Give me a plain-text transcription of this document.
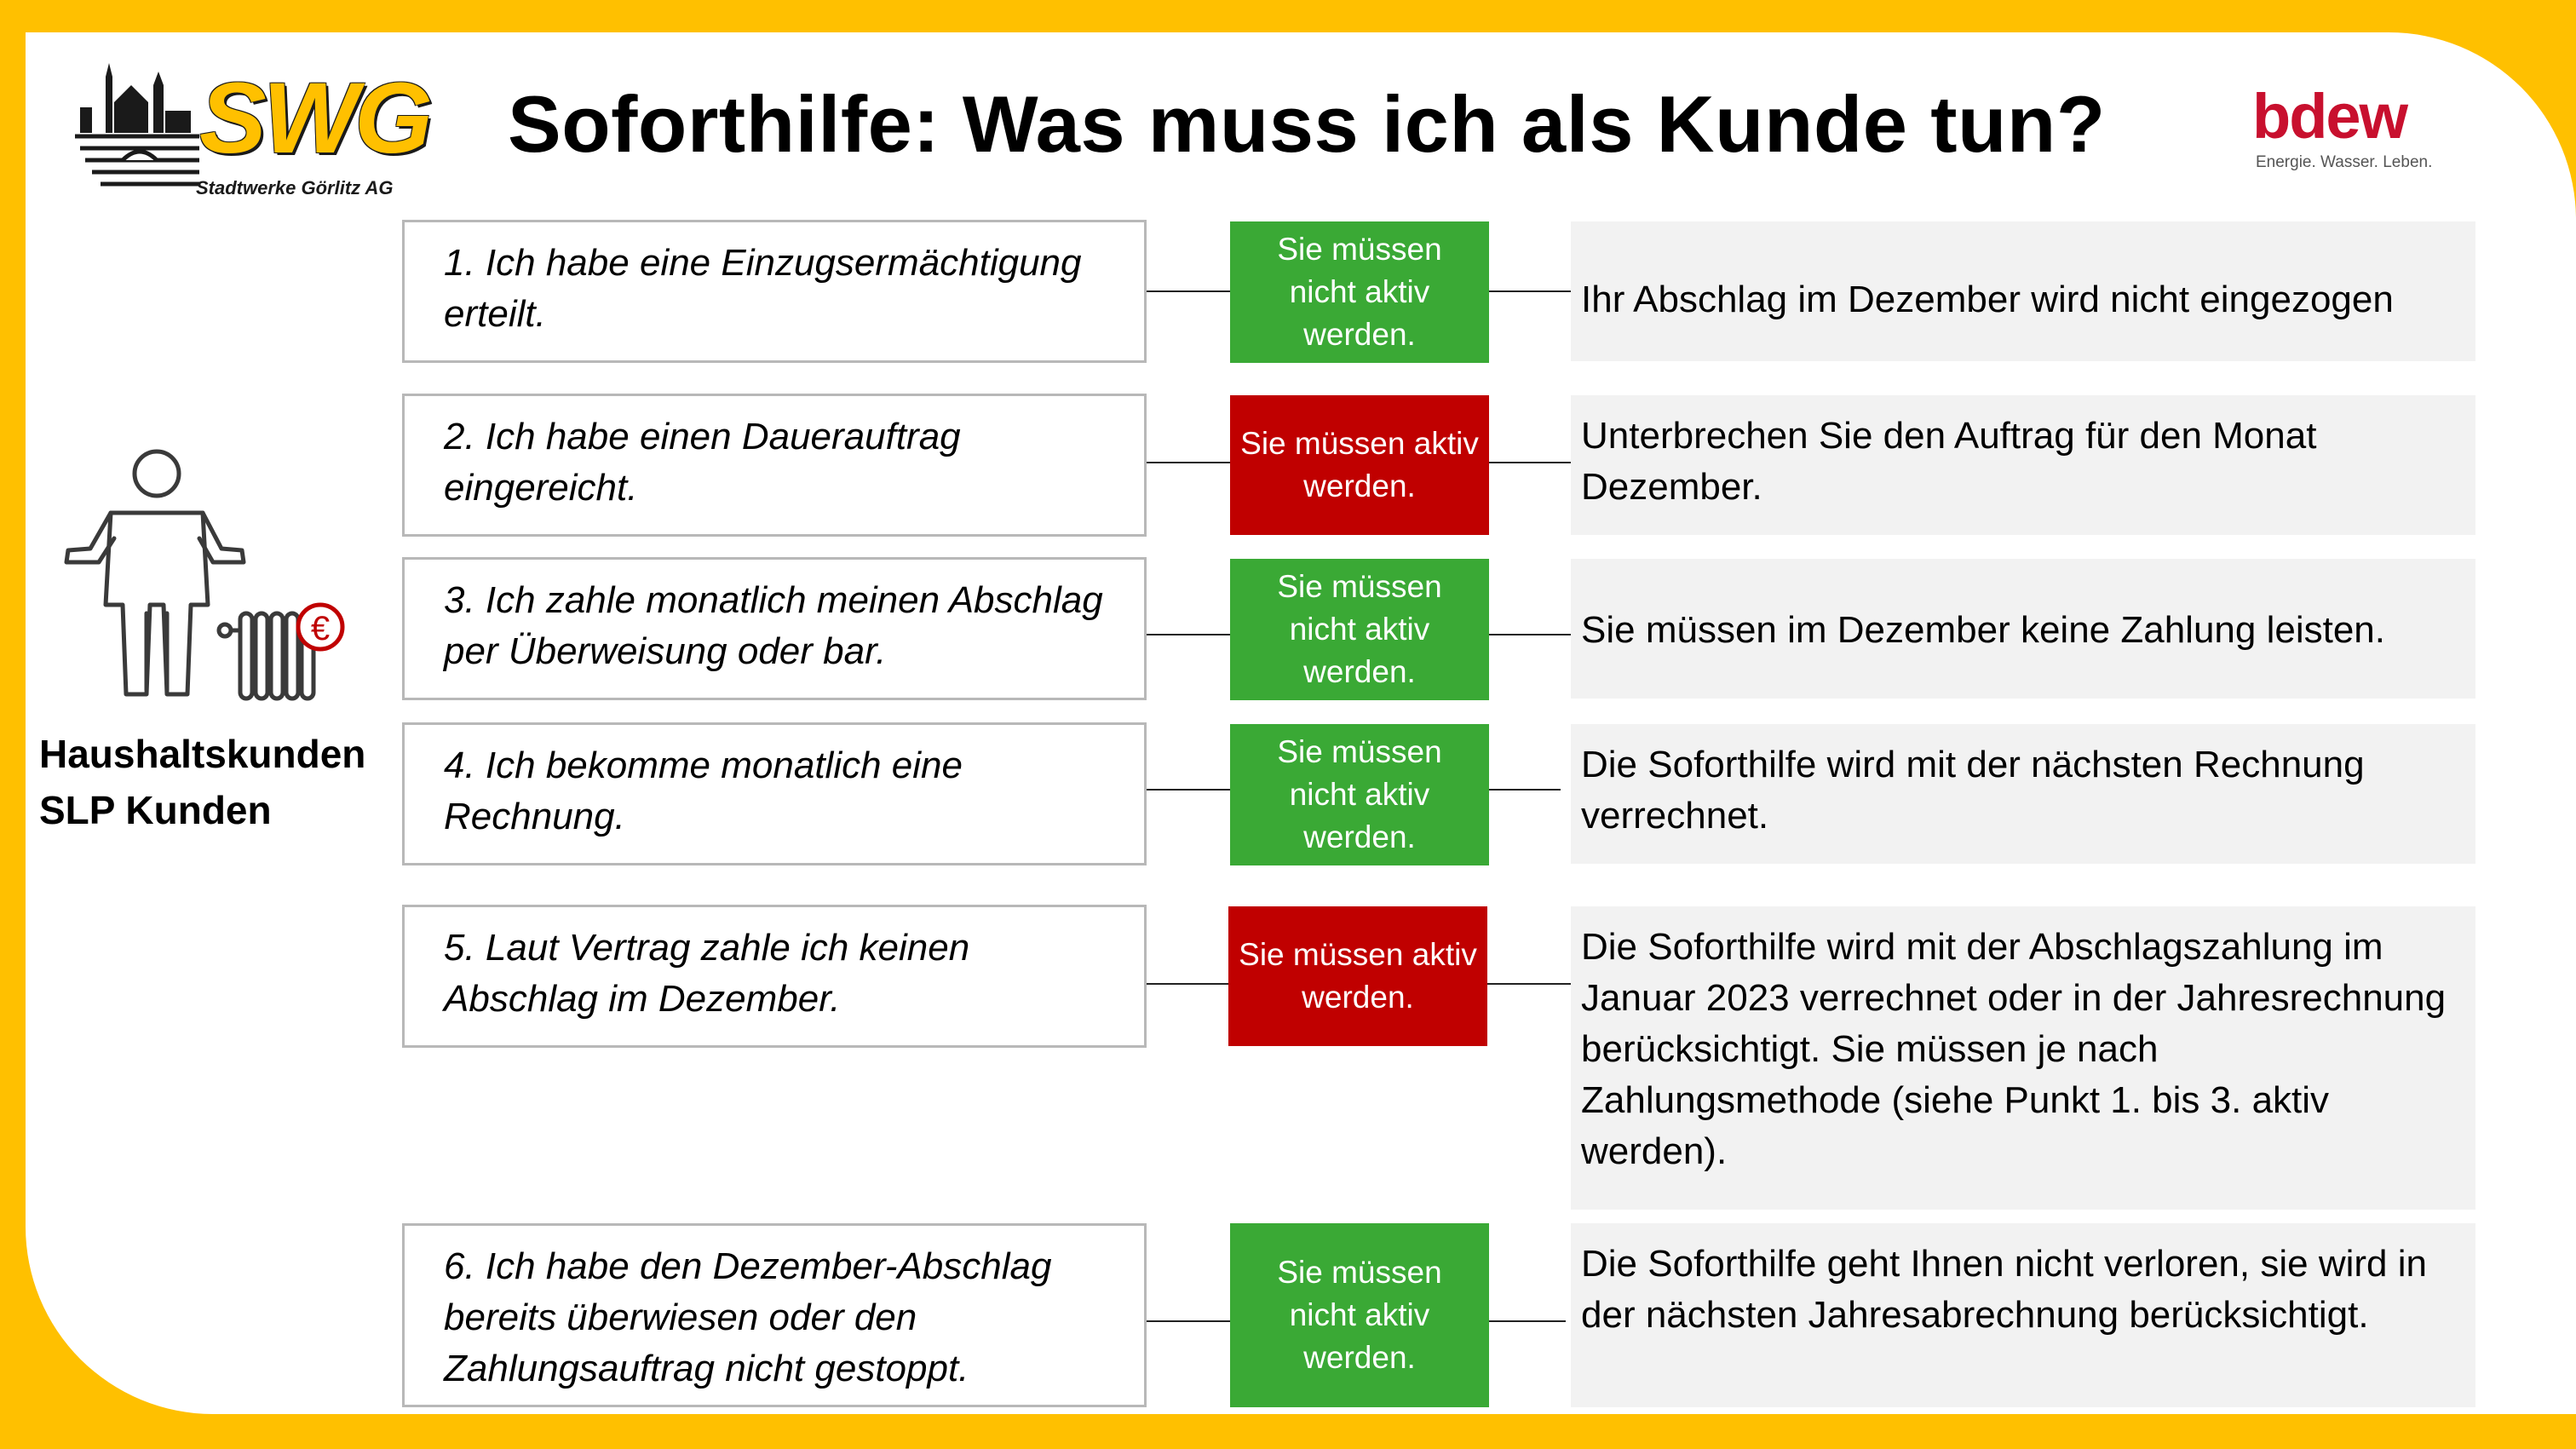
SWG
Stadtwerke Görlitz AG
Soforthilfe: Was muss ich als Kunde tun? bdew
Energie. Wasser. Leben.
€
Haushaltskunden
SLP Kunden
1. Ich habe eine Einzugsermächtigung erteilt.
Sie müssen nicht aktiv werden.
Ihr Abschlag im Dezember wird nicht eingezogen
2. Ich habe einen Dauerauftrag eingereicht.
Sie müssen aktiv werden.
Unterbrechen Sie den Auftrag für den Monat Dezember.
3. Ich zahle monatlich meinen Abschlag per Überweisung oder bar.
Sie müssen nicht aktiv werden.
Sie müssen im Dezember keine Zahlung leisten.
4. Ich bekomme monatlich eine Rechnung.
Sie müssen nicht aktiv werden.
Die Soforthilfe wird mit der nächsten Rechnung verrechnet.
5. Laut Vertrag zahle ich keinen Abschlag im Dezember.
Sie müssen aktiv werden.
Die Soforthilfe wird mit der Abschlagszahlung im Januar 2023 verrechnet oder in der Jahresrechnung berücksichtigt. Sie müssen je nach Zahlungsmethode (siehe Punkt 1. bis 3. aktiv werden).
6. Ich habe den Dezember-Abschlag bereits überwiesen oder den Zahlungsauftrag nicht gestoppt.
Sie müssen nicht aktiv werden.
Die Soforthilfe geht Ihnen nicht verloren, sie wird in der nächsten Jahresabrechnung berücksichtigt.
